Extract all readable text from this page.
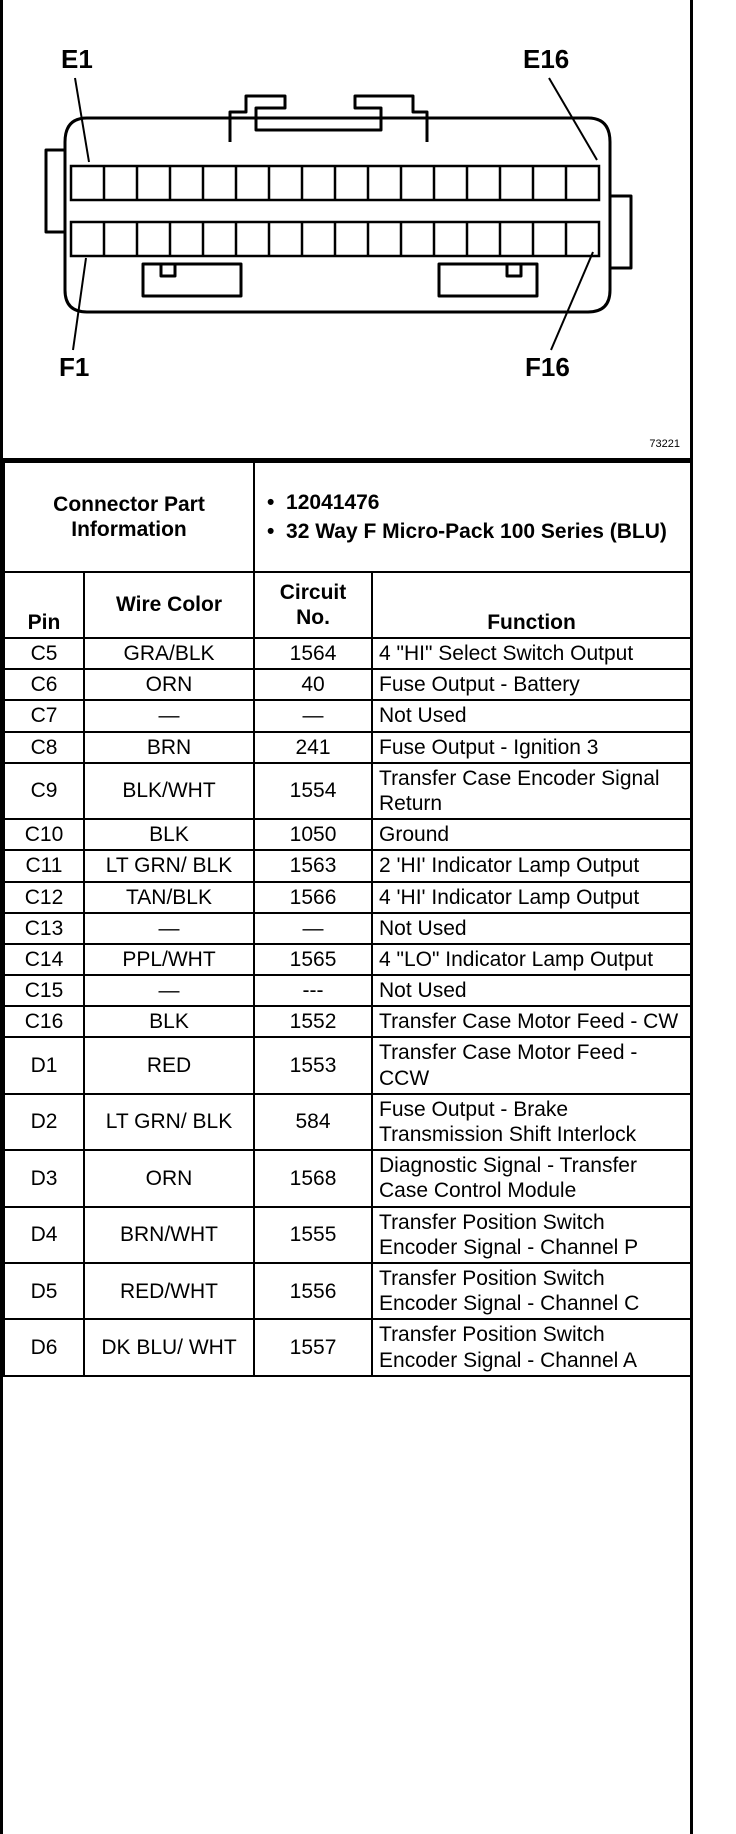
E1	E16
F1	F16
73221
Connector Part Information		•  12041476
•  32 Way F Micro-Pack 100 Series (BLU)	

Pin	Wire Color	Circuit No.	Function
C5	GRA/BLK	1564	4 "HI" Select Switch Output
C6	ORN	40	Fuse Output - Battery
C7	—	—	Not Used
C8	BRN	241	Fuse Output - Ignition 3
C9	BLK/WHT	1554	Transfer Case Encoder Signal Return
C10	BLK	1050	Ground
C11	LT GRN/ BLK	1563	2 'HI' Indicator Lamp Output
C12	TAN/BLK	1566	4 'HI' Indicator Lamp Output
C13	—	—	Not Used
C14	PPL/WHT	1565	4 "LO" Indicator Lamp Output
C15	—	---	Not Used
C16	BLK	1552	Transfer Case Motor Feed - CW
D1	RED	1553	Transfer Case Motor Feed - CCW
D2	LT GRN/ BLK	584	Fuse Output - Brake Transmission Shift Interlock
D3	ORN	1568	Diagnostic Signal - Transfer Case Control Module
D4	BRN/WHT	1555	Transfer Position Switch Encoder Signal - Channel P
D5	RED/WHT	1556	Transfer Position Switch Encoder Signal - Channel C
D6	DK BLU/ WHT	1557	Transfer Position Switch Encoder Signal - Channel A
